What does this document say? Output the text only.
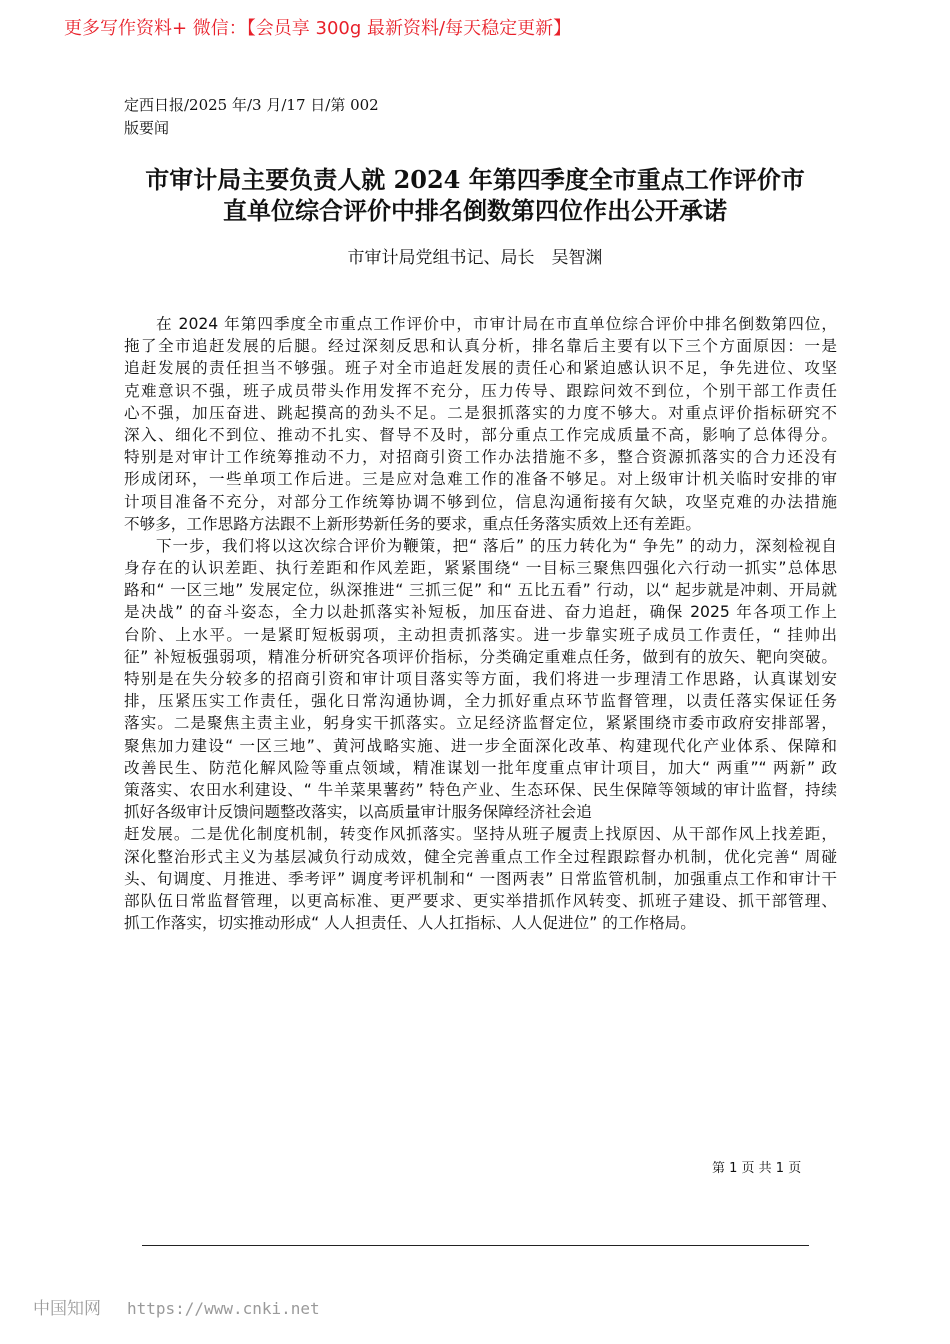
更多写作资料+ 微信：【会员享 300g 最新资料/每天稳定更新】
定西日报/2025 年/3 月/17 日/第 002
版要闻
市审计局主要负责人就 2024 年第四季度全市重点工作评价市
直单位综合评价中排名倒数第四位作出公开承诺
市审计局党组书记、局长　吴智渊
在 2024 年第四季度全市重点工作评价中，市审计局在市直单位综合评价中排名倒数第四位，
拖了全市追赶发展的后腿。经过深刻反思和认真分析，排名靠后主要有以下三个方面原因：一是
追赶发展的责任担当不够强。班子对全市追赶发展的责任心和紧迫感认识不足，争先进位、攻坚
克难意识不强，班子成员带头作用发挥不充分，压力传导、跟踪问效不到位，个别干部工作责任
心不强，加压奋进、跳起摸高的劲头不足。二是狠抓落实的力度不够大。对重点评价指标研究不
深入、细化不到位、推动不扎实、督导不及时，部分重点工作完成质量不高，影响了总体得分。
特别是对审计工作统筹推动不力，对招商引资工作办法措施不多，整合资源抓落实的合力还没有
形成闭环，一些单项工作后进。三是应对急难工作的准备不够足。对上级审计机关临时安排的审
计项目准备不充分，对部分工作统筹协调不够到位，信息沟通衔接有欠缺，攻坚克难的办法措施
不够多，工作思路方法跟不上新形势新任务的要求，重点任务落实质效上还有差距。
下一步，我们将以这次综合评价为鞭策，把“ 落后” 的压力转化为“ 争先” 的动力，深刻检视自
身存在的认识差距、执行差距和作风差距，紧紧围绕“ 一目标三聚焦四强化六行动一抓实”总体思
路和“ 一区三地” 发展定位，纵深推进“ 三抓三促” 和“ 五比五看” 行动，以“ 起步就是冲刺、开局就
是决战” 的奋斗姿态，全力以赴抓落实补短板，加压奋进、奋力追赶，确保 2025 年各项工作上
台阶、上水平。一是紧盯短板弱项，主动担责抓落实。进一步靠实班子成员工作责任，“ 挂帅出
征” 补短板强弱项，精准分析研究各项评价指标，分类确定重难点任务，做到有的放矢、靶向突破。
特别是在失分较多的招商引资和审计项目落实等方面，我们将进一步理清工作思路，认真谋划安
排，压紧压实工作责任，强化日常沟通协调，全力抓好重点环节监督管理，以责任落实保证任务
落实。二是聚焦主责主业，躬身实干抓落实。立足经济监督定位，紧紧围绕市委市政府安排部署，
聚焦加力建设“ 一区三地”、黄河战略实施、进一步全面深化改革、构建现代化产业体系、保障和
改善民生、防范化解风险等重点领域，精准谋划一批年度重点审计项目，加大“ 两重”“ 两新” 政
策落实、农田水利建设、“ 牛羊菜果薯药” 特色产业、生态环保、民生保障等领域的审计监督，持续
抓好各级审计反馈问题整改落实，以高质量审计服务保障经济社会追
赶发展。二是优化制度机制，转变作风抓落实。坚持从班子履责上找原因、从干部作风上找差距，
深化整治形式主义为基层减负行动成效，健全完善重点工作全过程跟踪督办机制，优化完善“ 周碰
头、旬调度、月推进、季考评” 调度考评机制和“ 一图两表” 日常监管机制，加强重点工作和审计干
部队伍日常监督管理，以更高标准、更严要求、更实举措抓作风转变、抓班子建设、抓干部管理、
抓工作落实，切实推动形成“ 人人担责任、人人扛指标、人人促进位” 的工作格局。
第 1 页 共 1 页
中国知网 https://www.cnki.net
